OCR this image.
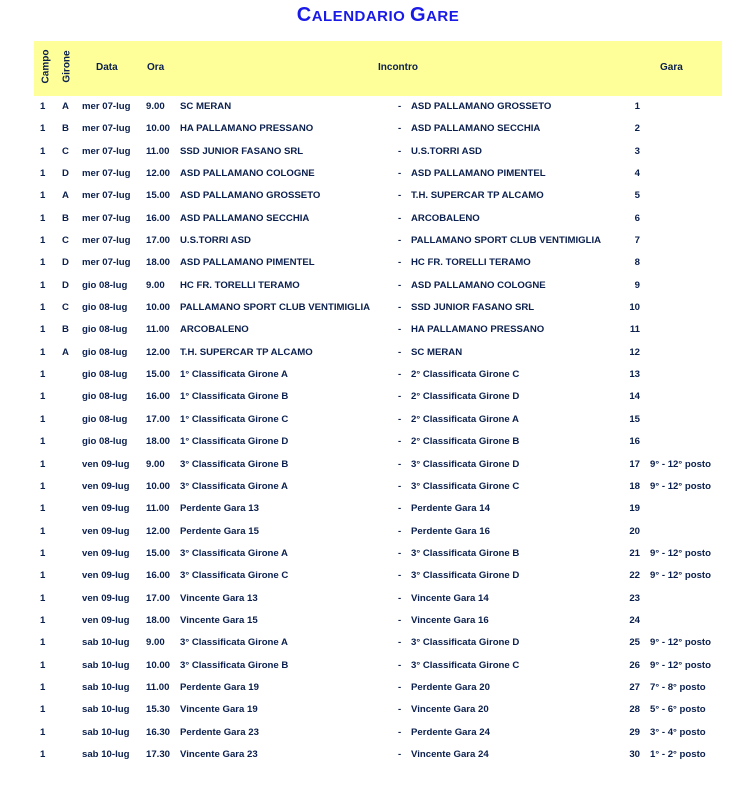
CALENDARIO GARE
Campo Girone Data	Ora	Incontro	Gara
1 A mer 07-lug 9.00 SC MERAN	- ASD PALLAMANO GROSSETO	1
1 B mer 07-lug 10.00 HA PALLAMANO PRESSANO	- ASD PALLAMANO SECCHIA	2
1 C mer 07-lug 11.00 SSD JUNIOR FASANO SRL	- U.S.TORRI ASD	3
1 D mer 07-lug 12.00 ASD PALLAMANO COLOGNE	- ASD PALLAMANO PIMENTEL	4
1 A mer 07-lug 15.00 ASD PALLAMANO GROSSETO	- T.H. SUPERCAR TP ALCAMO	5
1 B mer 07-lug 16.00 ASD PALLAMANO SECCHIA	- ARCOBALENO	6
1 C mer 07-lug 17.00 U.S.TORRI ASD	- PALLAMANO SPORT CLUB VENTIMIGLIA	7
1 D mer 07-lug 18.00 ASD PALLAMANO PIMENTEL	- HC FR. TORELLI TERAMO	8
1 D gio 08-lug 9.00 HC FR. TORELLI TERAMO	- ASD PALLAMANO COLOGNE	9
1 C gio 08-lug 10.00 PALLAMANO SPORT CLUB VENTIMIGLIA	- SSD JUNIOR FASANO SRL	10
1 B gio 08-lug 11.00 ARCOBALENO	- HA PALLAMANO PRESSANO	11
1 A gio 08-lug 12.00 T.H. SUPERCAR TP ALCAMO	- SC MERAN	12
1	gio 08-lug 15.00 1° Classificata Girone A	- 2° Classificata Girone C	13
1	gio 08-lug 16.00 1° Classificata Girone B	- 2° Classificata Girone D	14
1	gio 08-lug 17.00 1° Classificata Girone C	- 2° Classificata Girone A	15
1	gio 08-lug 18.00 1° Classificata Girone D	- 2° Classificata Girone B	16
1	ven 09-lug 9.00 3° Classificata Girone B	- 3° Classificata Girone D	17 9° - 12° posto
1	ven 09-lug 10.00 3° Classificata Girone A	- 3° Classificata Girone C	18 9° - 12° posto
1	ven 09-lug 11.00 Perdente Gara 13	- Perdente Gara 14	19
1	ven 09-lug 12.00 Perdente Gara 15	- Perdente Gara 16	20
1	ven 09-lug 15.00 3° Classificata Girone A	- 3° Classificata Girone B	21 9° - 12° posto
1	ven 09-lug 16.00 3° Classificata Girone C	- 3° Classificata Girone D	22 9° - 12° posto
1	ven 09-lug 17.00 Vincente Gara 13	- Vincente Gara 14	23
1	ven 09-lug 18.00 Vincente Gara 15	- Vincente Gara 16	24
1	sab 10-lug 9.00 3° Classificata Girone A	- 3° Classificata Girone D	25 9° - 12° posto
1	sab 10-lug 10.00 3° Classificata Girone B	- 3° Classificata Girone C	26 9° - 12° posto
1	sab 10-lug 11.00 Perdente Gara 19	- Perdente Gara 20	27 7° - 8° posto
1	sab 10-lug 15.30 Vincente Gara 19	- Vincente Gara 20	28 5° - 6° posto
1	sab 10-lug 16.30 Perdente Gara 23	- Perdente Gara 24	29 3° - 4° posto
1	sab 10-lug 17.30 Vincente Gara 23	- Vincente Gara 24	30 1° - 2° posto
